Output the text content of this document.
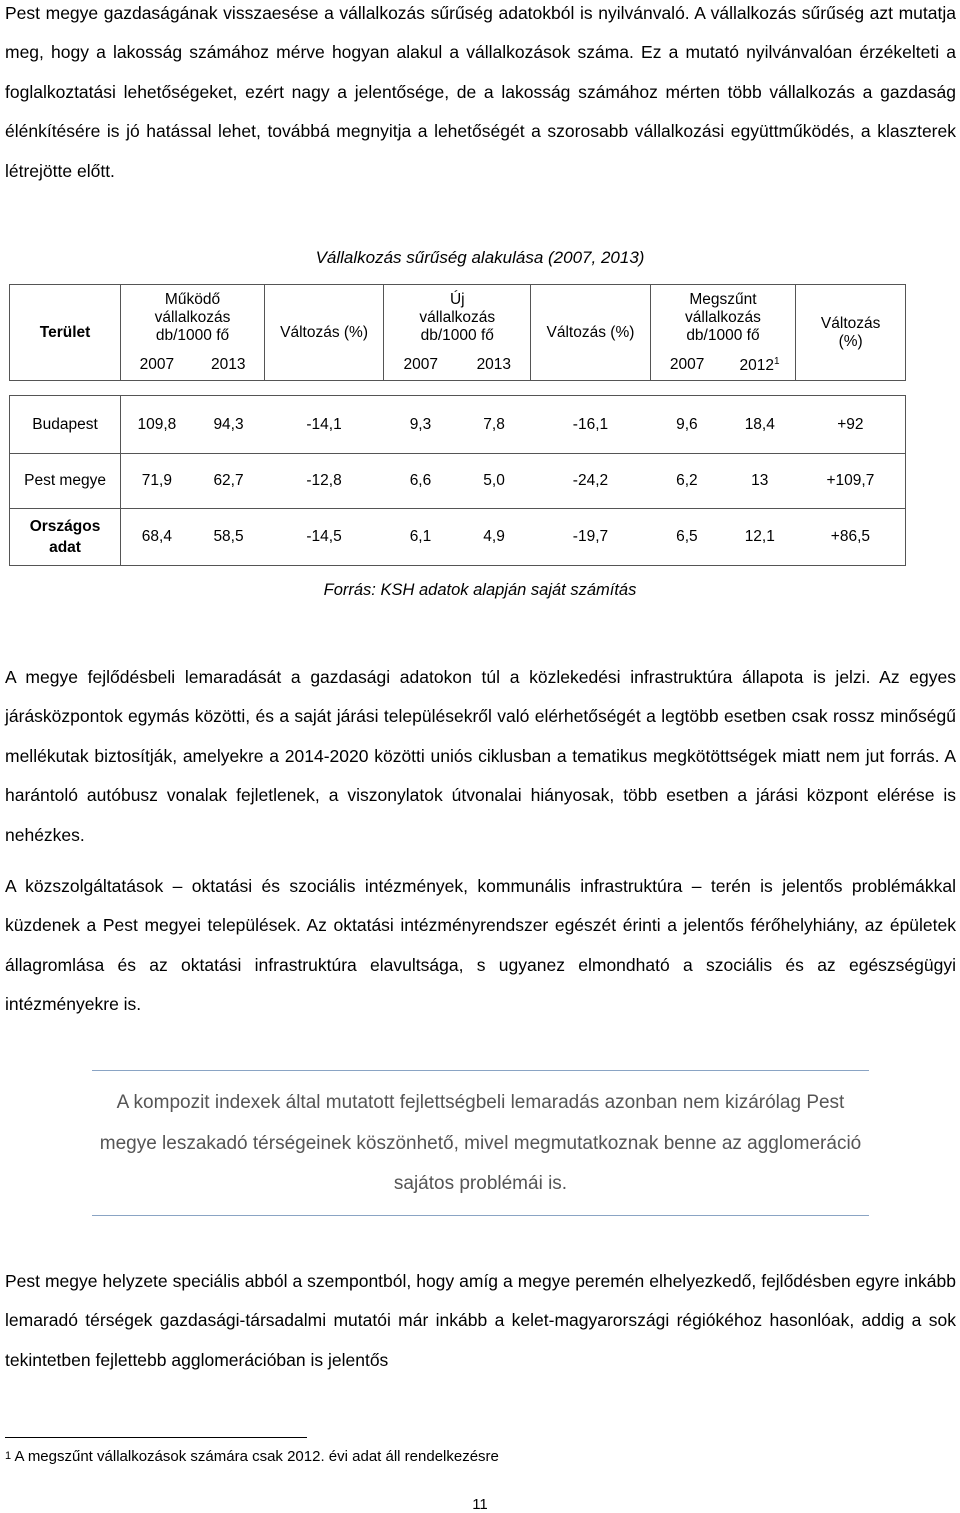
Pest megye gazdaságának visszaesése a vállalkozás sűrűség adatokból is nyilvánvaló. A vállalkozás sűrűség azt mutatja meg, hogy a lakosság számához mérve hogyan alakul a vállalkozások száma. Ez a mutató nyilvánvalóan érzékelteti a foglalkoztatási lehetőségeket, ezért nagy a jelentősége, de a lakosság számához mérten több vállalkozás a gazdaság élénkítésére is jó hatással lehet, továbbá megnyitja a lehetőségét a szorosabb vállalkozási együttműködés, a klaszterek létrejötte előtt.

Vállalkozás sűrűség alakulása (2007, 2013)
Terület	Működő vállalkozás db/1000 fő		Változás (%)	Új vállalkozás db/1000 fő		Változás (%)	Megszűnt vállalkozás db/1000 fő		Változás (%)
	2007	2013		2007	2013		2007	2012$^1$

Budapest	109,8	94,3	-14,1	9,3	7,8	-16,1	9,6	18,4	+92
Pest megye	71,9	62,7	-12,8	6,6	5,0	-24,2	6,2	13	+109,7
Országos adat	68,4	58,5	-14,5	6,1	4,9	-19,7	6,5	12,1	+86,5
Forrás: KSH adatok alapján saját számítás

A megye fejlődésbeli lemaradását a gazdasági adatokon túl a közlekedési infrastruktúra állapota is jelzi. Az egyes járásközpontok egymás közötti, és a saját járási településekről való elérhetőségét a legtöbb esetben csak rossz minőségű mellékutak biztosítják, amelyekre a 2014-2020 közötti uniós ciklusban a tematikus megkötöttségek miatt nem jut forrás. A harántoló autóbusz vonalak fejletlenek, a viszonylatok útvonalai hiányosak, több esetben a járási központ elérése is nehézkes.

A közszolgáltatások – oktatási és szociális intézmények, kommunális infrastruktúra – terén is jelentős problémákkal küzdenek a Pest megyei települések. Az oktatási intézményrendszer egészét érinti a jelentős férőhelyhiány, az épületek állagromlása és az oktatási infrastruktúra elavultsága, s ugyanez elmondható a szociális és az egészségügyi intézményekre is.

A kompozit indexek által mutatott fejlettségbeli lemaradás azonban nem kizárólag Pest megye leszakadó térségeinek köszönhető, mivel megmutatkoznak benne az agglomeráció sajátos problémái is.

Pest megye helyzete speciális abból a szempontból, hogy amíg a megye peremén elhelyezkedő, fejlődésben egyre inkább lemaradó térségek gazdasági-társadalmi mutatói már inkább a kelet-magyarországi régiókéhoz hasonlóak, addig a sok tekintetben fejlettebb agglomerációban is jelentős

1 A megszűnt vállalkozások számára csak 2012. évi adat áll rendelkezésre
11
